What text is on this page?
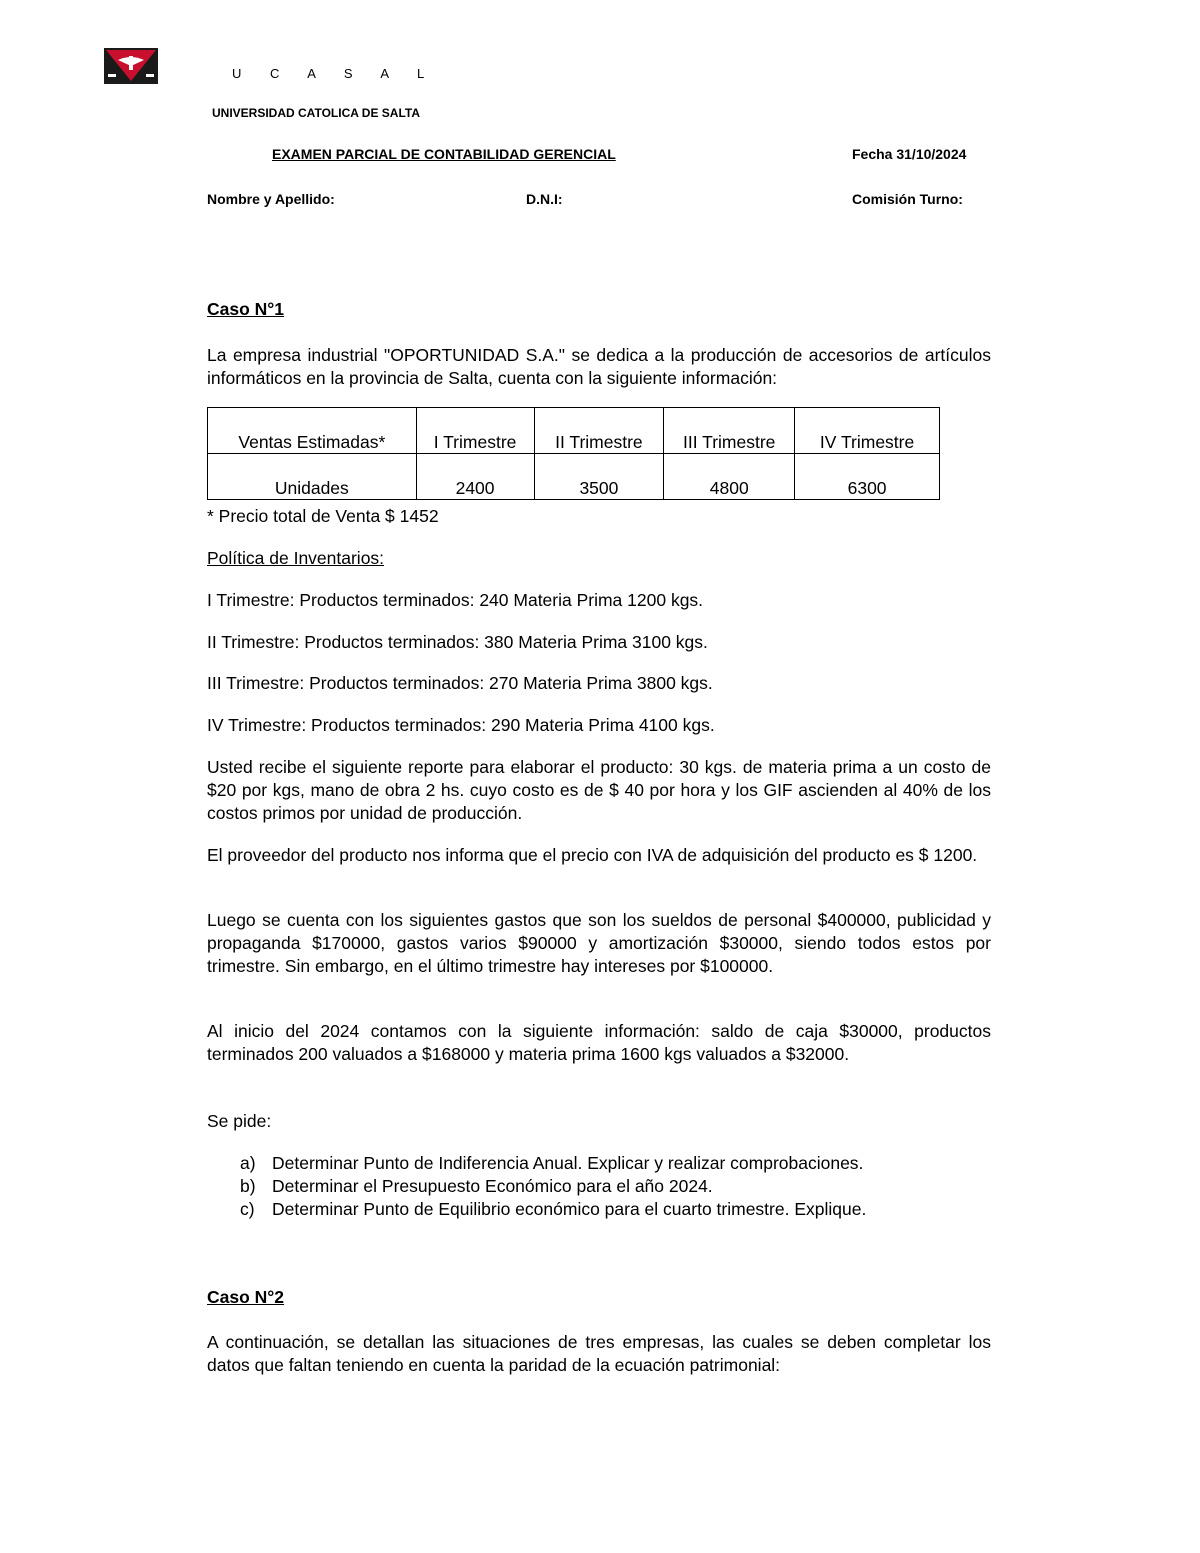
U C A S A L
UNIVERSIDAD CATOLICA DE SALTA
EXAMEN PARCIAL DE CONTABILIDAD GERENCIAL	Fecha 31/10/2024
Nombre y Apellido:	D.N.I:	Comisión Turno:
Caso N°1
La empresa industrial "OPORTUNIDAD S.A." se dedica a la producción de accesorios de artículos informáticos en la provincia de Salta, cuenta con la siguiente información:
Ventas Estimadas*	I Trimestre	II Trimestre	III Trimestre	IV Trimestre
Unidades	2400	3500	4800	6300
* Precio total de Venta $ 1452
Política de Inventarios:
I Trimestre: Productos terminados: 240 Materia Prima 1200 kgs.
II Trimestre: Productos terminados: 380 Materia Prima 3100 kgs.
III Trimestre: Productos terminados: 270 Materia Prima 3800 kgs.
IV Trimestre: Productos terminados: 290 Materia Prima 4100 kgs.
Usted recibe el siguiente reporte para elaborar el producto: 30 kgs. de materia prima a un costo de $20 por kgs, mano de obra 2 hs. cuyo costo es de $ 40 por hora y los GIF ascienden al 40% de los costos primos por unidad de producción.
El proveedor del producto nos informa que el precio con IVA de adquisición del producto es $ 1200.
Luego se cuenta con los siguientes gastos que son los sueldos de personal $400000, publicidad y propaganda $170000, gastos varios $90000 y amortización $30000, siendo todos estos por trimestre. Sin embargo, en el último trimestre hay intereses por $100000.
Al inicio del 2024 contamos con la siguiente información: saldo de caja $30000, productos terminados 200 valuados a $168000 y materia prima 1600 kgs valuados a $32000.
Se pide:
a) Determinar Punto de Indiferencia Anual. Explicar y realizar comprobaciones.
b) Determinar el Presupuesto Económico para el año 2024.
c) Determinar Punto de Equilibrio económico para el cuarto trimestre. Explique.
Caso N°2
A continuación, se detallan las situaciones de tres empresas, las cuales se deben completar los datos que faltan teniendo en cuenta la paridad de la ecuación patrimonial:
